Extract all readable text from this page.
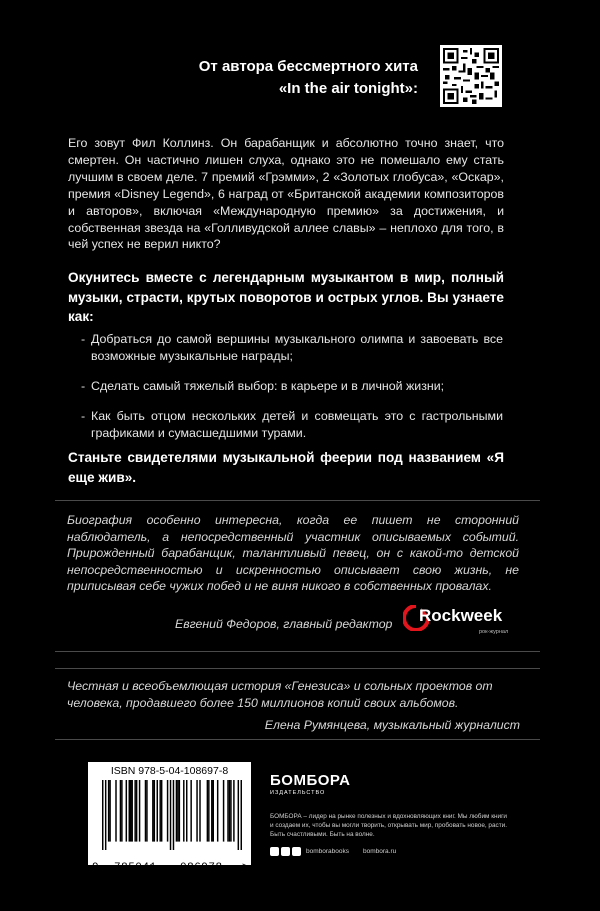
От автора бессмертного хита
«In the air tonight»:

Его зовут Фил Коллинз. Он барабанщик и абсолютно точно знает, что смертен. Он частично лишен слуха, однако это не помешало ему стать лучшим в своем деле. 7 премий «Грэмми», 2 «Золотых глобуса», «Оскар», премия «Disney Legend», 6 наград от «Британской академии композиторов и авторов», включая «Международную премию» за достижения, и собственная звезда на «Голливудской аллее славы» – неплохо для того, в чей успех не верил никто?

Окунитесь вместе с легендарным музыкантом в мир, полный музыки, страсти, крутых поворотов и острых углов. Вы узнаете как:

- Добраться до самой вершины музыкального олимпа и завоевать все возможные музыкальные награды;
- Сделать самый тяжелый выбор: в карьере и в личной жизни;
- Как быть отцом нескольких детей и совмещать это с гастрольными графиками и сумасшедшими турами.

Станьте свидетелями музыкальной феерии под названием «Я еще жив».

Биография особенно интересна, когда ее пишет не сторонний наблюдатель, а непосредственный участник описываемых событий. Прирожденный барабанщик, талантливый певец, он с какой-то детской непосредственностью и искренностью описывает свою жизнь, не приписывая себе чужих побед и не виня никого в собственных провалах.

Евгений Федоров, главный редактор Rockweek
рок-журнал

Честная и всеобъемлющая история «Генезиса» и сольных проектов от человека, продавшего более 150 миллионов копий своих альбомов.

Елена Румянцева, музыкальный журналист
ISBN 978-5-04-108697-8
9 785041 086978 >
БОМБОРА
ИЗДАТЕЛЬСТВО

БОМБОРА – лидер на рынке полезных и вдохновляющих книг. Мы любим книги и создаем их, чтобы вы могли творить, открывать мир, пробовать новое, расти. Быть счастливыми. Быть на волне.

bomborabooks bombora.ru
